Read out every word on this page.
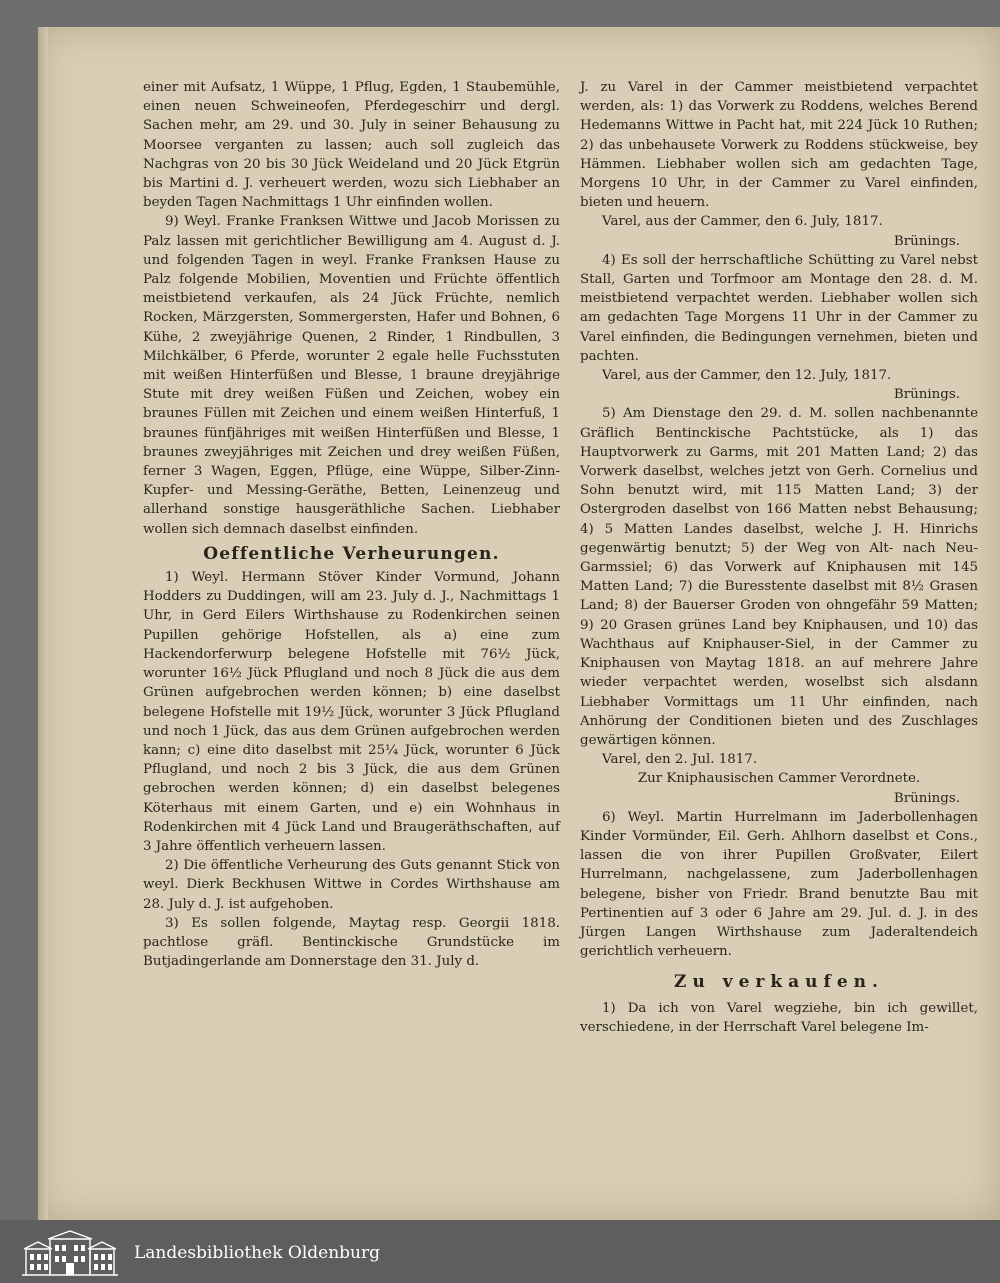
einer mit Aufsatz, 1 Wüppe, 1 Pflug, Egden, 1 Staubemühle, einen neuen Schweineofen, Pferdegeschirr und dergl. Sachen mehr, am 29. und 30. July in seiner Behausung zu Moorsee verganten zu lassen; auch soll zugleich das Nachgras von 20 bis 30 Jück Weideland und 20 Jück Etgrün bis Martini d. J. verheuert werden, wozu sich Liebhaber an beyden Tagen Nachmittags 1 Uhr einfinden wollen.

9) Weyl. Franke Franksen Wittwe und Jacob Morissen zu Palz lassen mit gerichtlicher Bewilligung am 4. August d. J. und folgenden Tagen in weyl. Franke Franksen Hause zu Palz folgende Mobilien, Moventien und Früchte öffentlich meistbietend verkaufen, als 24 Jück Früchte, nemlich Rocken, Märzgersten, Sommergersten, Hafer und Bohnen, 6 Kühe, 2 zweyjährige Quenen, 2 Rinder, 1 Rindbullen, 3 Milchkälber, 6 Pferde, worunter 2 egale helle Fuchsstuten mit weißen Hinterfüßen und Blesse, 1 braune dreyjährige Stute mit drey weißen Füßen und Zeichen, wobey ein braunes Füllen mit Zeichen und einem weißen Hinterfuß, 1 braunes fünfjähriges mit weißen Hinterfüßen und Blesse, 1 braunes zweyjähriges mit Zeichen und drey weißen Füßen, ferner 3 Wagen, Eggen, Pflüge, eine Wüppe, Silber-Zinn-Kupfer- und Messing-Geräthe, Betten, Leinenzeug und allerhand sonstige hausgeräthliche Sachen. Liebhaber wollen sich demnach daselbst einfinden.

Oeffentliche Verheurungen.

1) Weyl. Hermann Stöver Kinder Vormund, Johann Hodders zu Duddingen, will am 23. July d. J., Nachmittags 1 Uhr, in Gerd Eilers Wirthshause zu Rodenkirchen seinen Pupillen gehörige Hofstellen, als a) eine zum Hackendorferwurp belegene Hofstelle mit 76½ Jück, worunter 16½ Jück Pflugland und noch 8 Jück die aus dem Grünen aufgebrochen werden können; b) eine daselbst belegene Hofstelle mit 19½ Jück, worunter 3 Jück Pflugland und noch 1 Jück, das aus dem Grünen aufgebrochen werden kann; c) eine dito daselbst mit 25¼ Jück, worunter 6 Jück Pflugland, und noch 2 bis 3 Jück, die aus dem Grünen gebrochen werden können; d) ein daselbst belegenes Köterhaus mit einem Garten, und e) ein Wohnhaus in Rodenkirchen mit 4 Jück Land und Braugeräthschaften, auf 3 Jahre öffentlich verheuern lassen.

2) Die öffentliche Verheurung des Guts genannt Stick von weyl. Dierk Beckhusen Wittwe in Cordes Wirthshause am 28. July d. J. ist aufgehoben.

3) Es sollen folgende, Maytag resp. Georgii 1818. pachtlose gräfl. Bentinckische Grundstücke im Butjadingerlande am Donnerstage den 31. July d.

J. zu Varel in der Cammer meistbietend verpachtet werden, als: 1) das Vorwerk zu Roddens, welches Berend Hedemanns Wittwe in Pacht hat, mit 224 Jück 10 Ruthen; 2) das unbehausete Vorwerk zu Roddens stückweise, bey Hämmen. Liebhaber wollen sich am gedachten Tage, Morgens 10 Uhr, in der Cammer zu Varel einfinden, bieten und heuern.

Varel, aus der Cammer, den 6. July, 1817.

Brünings.

4) Es soll der herrschaftliche Schütting zu Varel nebst Stall, Garten und Torfmoor am Montage den 28. d. M. meistbietend verpachtet werden. Liebhaber wollen sich am gedachten Tage Morgens 11 Uhr in der Cammer zu Varel einfinden, die Bedingungen vernehmen, bieten und pachten.

Varel, aus der Cammer, den 12. July, 1817.

Brünings.

5) Am Dienstage den 29. d. M. sollen nachbenannte Gräflich Bentinckische Pachtstücke, als 1) das Hauptvorwerk zu Garms, mit 201 Matten Land; 2) das Vorwerk daselbst, welches jetzt von Gerh. Cornelius und Sohn benutzt wird, mit 115 Matten Land; 3) der Ostergroden daselbst von 166 Matten nebst Behausung; 4) 5 Matten Landes daselbst, welche J. H. Hinrichs gegenwärtig benutzt; 5) der Weg von Alt- nach Neu-Garmssiel; 6) das Vorwerk auf Kniphausen mit 145 Matten Land; 7) die Buresstente daselbst mit 8½ Grasen Land; 8) der Bauerser Groden von ohngefähr 59 Matten; 9) 20 Grasen grünes Land bey Kniphausen, und 10) das Wachthaus auf Kniphauser-Siel, in der Cammer zu Kniphausen von Maytag 1818. an auf mehrere Jahre wieder verpachtet werden, woselbst sich alsdann Liebhaber Vormittags um 11 Uhr einfinden, nach Anhörung der Conditionen bieten und des Zuschlages gewärtigen können.

Varel, den 2. Jul. 1817.

Zur Kniphausischen Cammer Verordnete.

Brünings.

6) Weyl. Martin Hurrelmann im Jaderbollenhagen Kinder Vormünder, Eil. Gerh. Ahlhorn daselbst et Cons., lassen die von ihrer Pupillen Großvater, Eilert Hurrelmann, nachgelassene, zum Jaderbollenhagen belegene, bisher von Friedr. Brand benutzte Bau mit Pertinentien auf 3 oder 6 Jahre am 29. Jul. d. J. in des Jürgen Langen Wirthshause zum Jaderaltendeich gerichtlich verheuern.

Zu verkaufen.

1) Da ich von Varel wegziehe, bin ich gewillet, verschiedene, in der Herrschaft Varel belegene Im-

Landesbibliothek Oldenburg
